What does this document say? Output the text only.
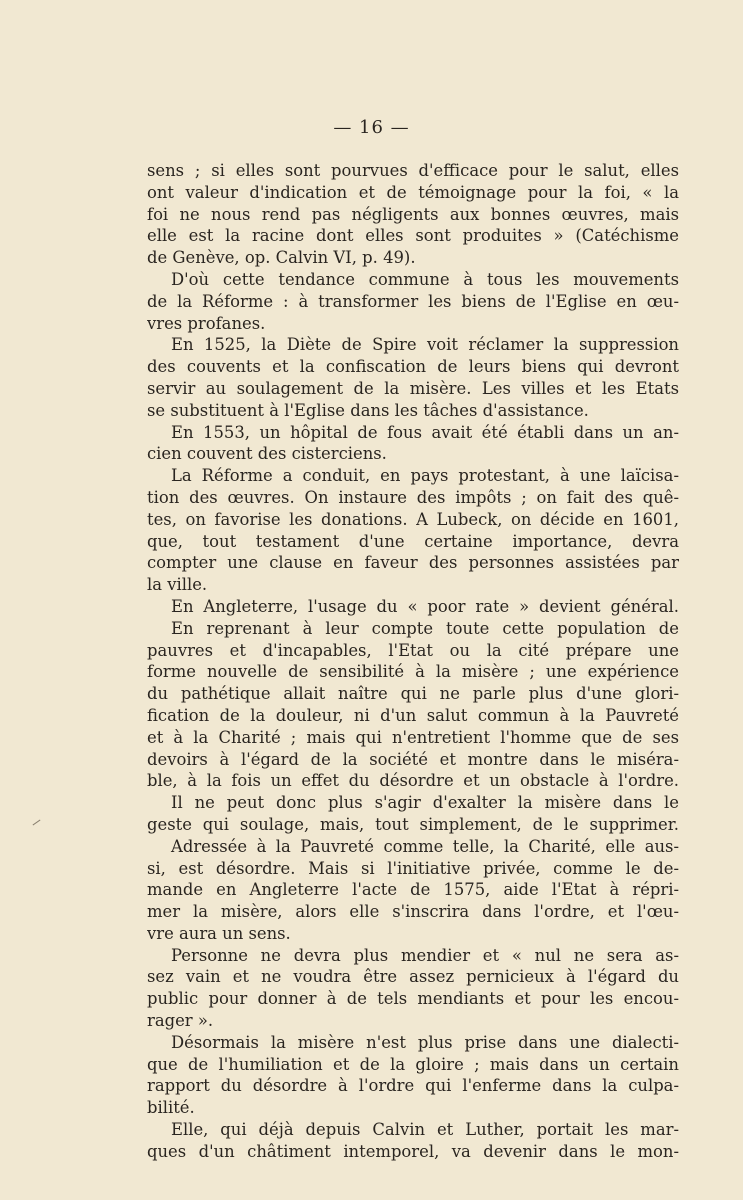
— 16 —
sens ; si elles sont pourvues d'efficace pour le salut, elles
ont valeur d'indication et de témoignage pour la foi, « la
foi ne nous rend pas négligents aux bonnes œuvres, mais
elle est la racine dont elles sont produites » (Catéchisme
de Genève, op. Calvin VI, p. 49).
D'où cette tendance commune à tous les mouvements
de la Réforme : à transformer les biens de l'Eglise en œu-
vres profanes.
En 1525, la Diète de Spire voit réclamer la suppression
des couvents et la confiscation de leurs biens qui devront
servir au soulagement de la misère. Les villes et les Etats
se substituent à l'Eglise dans les tâches d'assistance.
En 1553, un hôpital de fous avait été établi dans un an-
cien couvent des cisterciens.
La Réforme a conduit, en pays protestant, à une laïcisa-
tion des œuvres. On instaure des impôts ; on fait des quê-
tes, on favorise les donations. A Lubeck, on décide en 1601,
que, tout testament d'une certaine importance, devra
compter une clause en faveur des personnes assistées par
la ville.
En Angleterre, l'usage du « poor rate » devient général.
En reprenant à leur compte toute cette population de
pauvres et d'incapables, l'Etat ou la cité prépare une
forme nouvelle de sensibilité à la misère ; une expérience
du pathétique allait naître qui ne parle plus d'une glori-
fication de la douleur, ni d'un salut commun à la Pauvreté
et à la Charité ; mais qui n'entretient l'homme que de ses
devoirs à l'égard de la société et montre dans le miséra-
ble, à la fois un effet du désordre et un obstacle à l'ordre.
Il ne peut donc plus s'agir d'exalter la misère dans le
geste qui soulage, mais, tout simplement, de le supprimer.
Adressée à la Pauvreté comme telle, la Charité, elle aus-
si, est désordre. Mais si l'initiative privée, comme le de-
mande en Angleterre l'acte de 1575, aide l'Etat à répri-
mer la misère, alors elle s'inscrira dans l'ordre, et l'œu-
vre aura un sens.
Personne ne devra plus mendier et « nul ne sera as-
sez vain et ne voudra être assez pernicieux à l'égard du
public pour donner à de tels mendiants et pour les encou-
rager ».
Désormais la misère n'est plus prise dans une dialecti-
que de l'humiliation et de la gloire ; mais dans un certain
rapport du désordre à l'ordre qui l'enferme dans la culpa-
bilité.
Elle, qui déjà depuis Calvin et Luther, portait les mar-
ques d'un châtiment intemporel, va devenir dans le mon-
